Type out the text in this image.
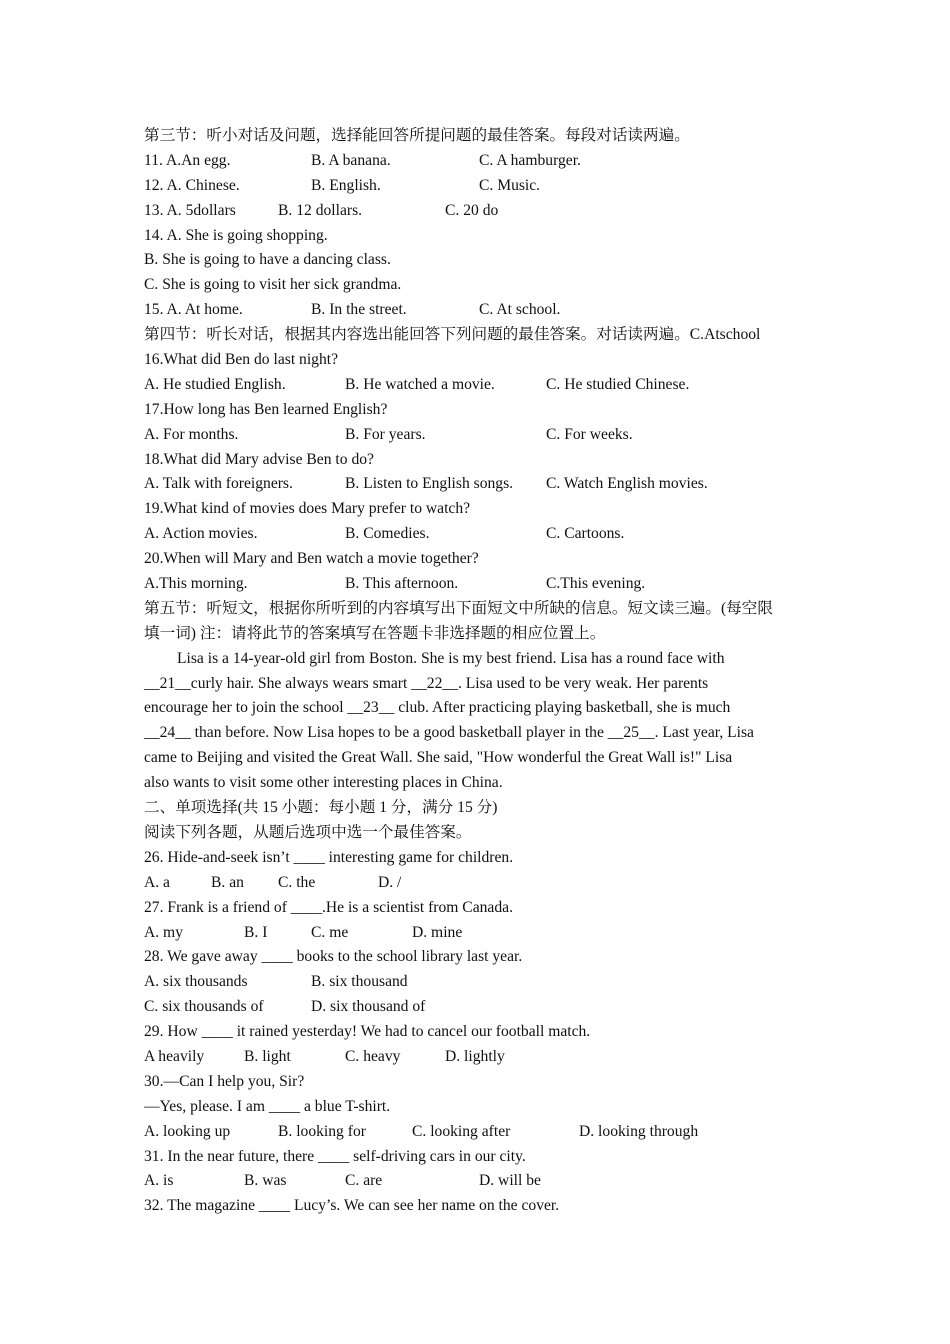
第三节：听小对话及问题，选择能回答所提问题的最佳答案。每段对话读两遍。
11. A.An egg.	B. A banana.	C. A hamburger.
12. A. Chinese.	B. English.	C. Music.
13. A. 5dollars	B. 12 dollars.	C. 20 do
14. A. She is going shopping.
B. She is going to have a dancing class.
C. She is going to visit her sick grandma.
15. A. At home.	B. In the street.	C. At school.
第四节：听长对话，根据其内容选出能回答下列问题的最佳答案。对话读两遍。C.Atschool
16.What did Ben do last night?
A. He studied English.	B. He watched a movie.	C. He studied Chinese.
17.How long has Ben learned English?
A. For months.	B. For years.	C. For weeks.
18.What did Mary advise Ben to do?
A. Talk with foreigners.	B. Listen to English songs. C. Watch English movies.
19.What kind of movies does Mary prefer to watch?
A. Action movies.	B. Comedies.	C. Cartoons.
20.When will Mary and Ben watch a movie together?
A.This morning.	B. This afternoon.	C.This evening.
第五节：听短文，根据你所听到的内容填写出下面短文中所缺的信息。短文读三遍。(每空限
填一词) 注：请将此节的答案填写在答题卡非选择题的相应位置上。
Lisa is a 14-year-old girl from Boston. She is my best friend. Lisa has a round face with
__21__curly hair. She always wears smart __22__. Lisa used to be very weak. Her parents
encourage her to join the school __23__ club. After practicing playing basketball, she is much
__24__ than before. Now Lisa hopes to be a good basketball player in the __25__. Last year, Lisa
came to Beijing and visited the Great Wall. She said, "How wonderful the Great Wall is!" Lisa
also wants to visit some other interesting places in China.
二、单项选择(共 15 小题：每小题 1 分，满分 15 分)
阅读下列各题，从题后选项中选一个最佳答案。
26. Hide-and-seek isn’t ____ interesting game for children.
A. a	B. an C. the	D. /
27. Frank is a friend of ____.He is a scientist from Canada.
A. my	B. I	C. me	D. mine
28. We gave away ____ books to the school library last year.
A. six thousands	B. six thousand
C. six thousands of	D. six thousand of
29. How ____ it rained yesterday! We had to cancel our football match.
A heavily	B. light	C. heavy	D. lightly
30.—Can I help you, Sir?
—Yes, please. I am ____ a blue T-shirt.
A. looking up	B. looking for	C. looking after	D. looking through
31. In the near future, there ____ self-driving cars in our city.
A. is	B. was	C. are	D. will be
32. The magazine ____ Lucy’s. We can see her name on the cover.
